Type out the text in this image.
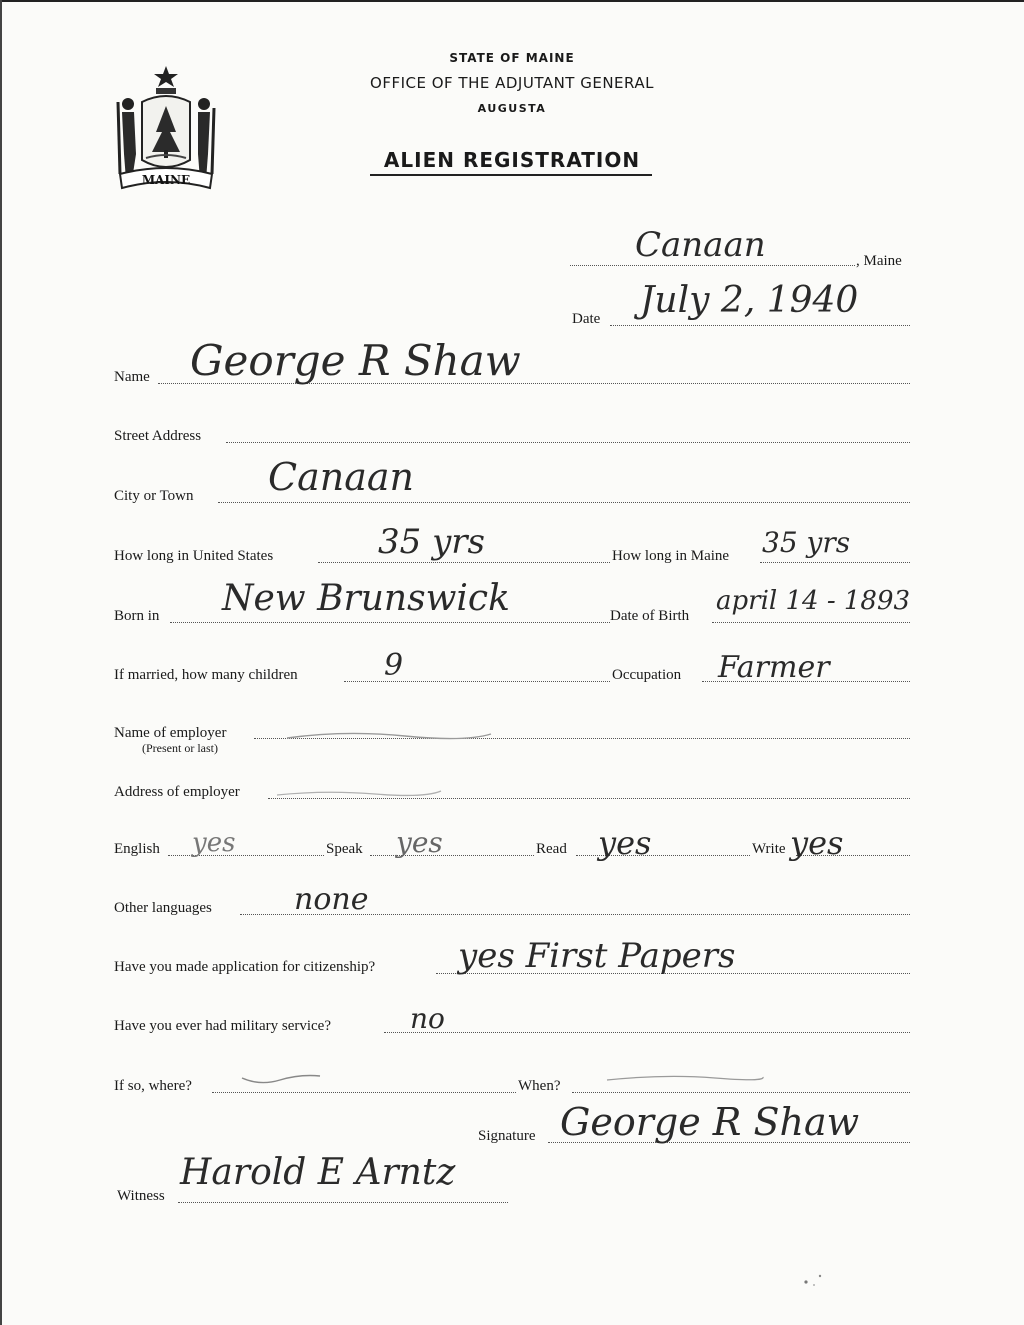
MAINE
STATE OF MAINE
OFFICE OF THE ADJUTANT GENERAL
AUGUSTA
ALIEN REGISTRATION
Canaan	, Maine
Date July 2, 1940
Name George R Shaw
Street Address
City or Town Canaan
How long in United States	35 yrs	How long in Maine 35 yrs
Born in New Brunswick	Date of Birth april 14 - 1893
If married, how many children	9	Occupation Farmer
Name of employer
(Present or last)
Address of employer
English yes	Speak yes	Read yes	Write yes
Other languages	none
Have you made application for citizenship? yes First Papers
Have you ever had military service?	no
If so, where?	When?
Signature George R Shaw
Witness
Harold E Arntz
